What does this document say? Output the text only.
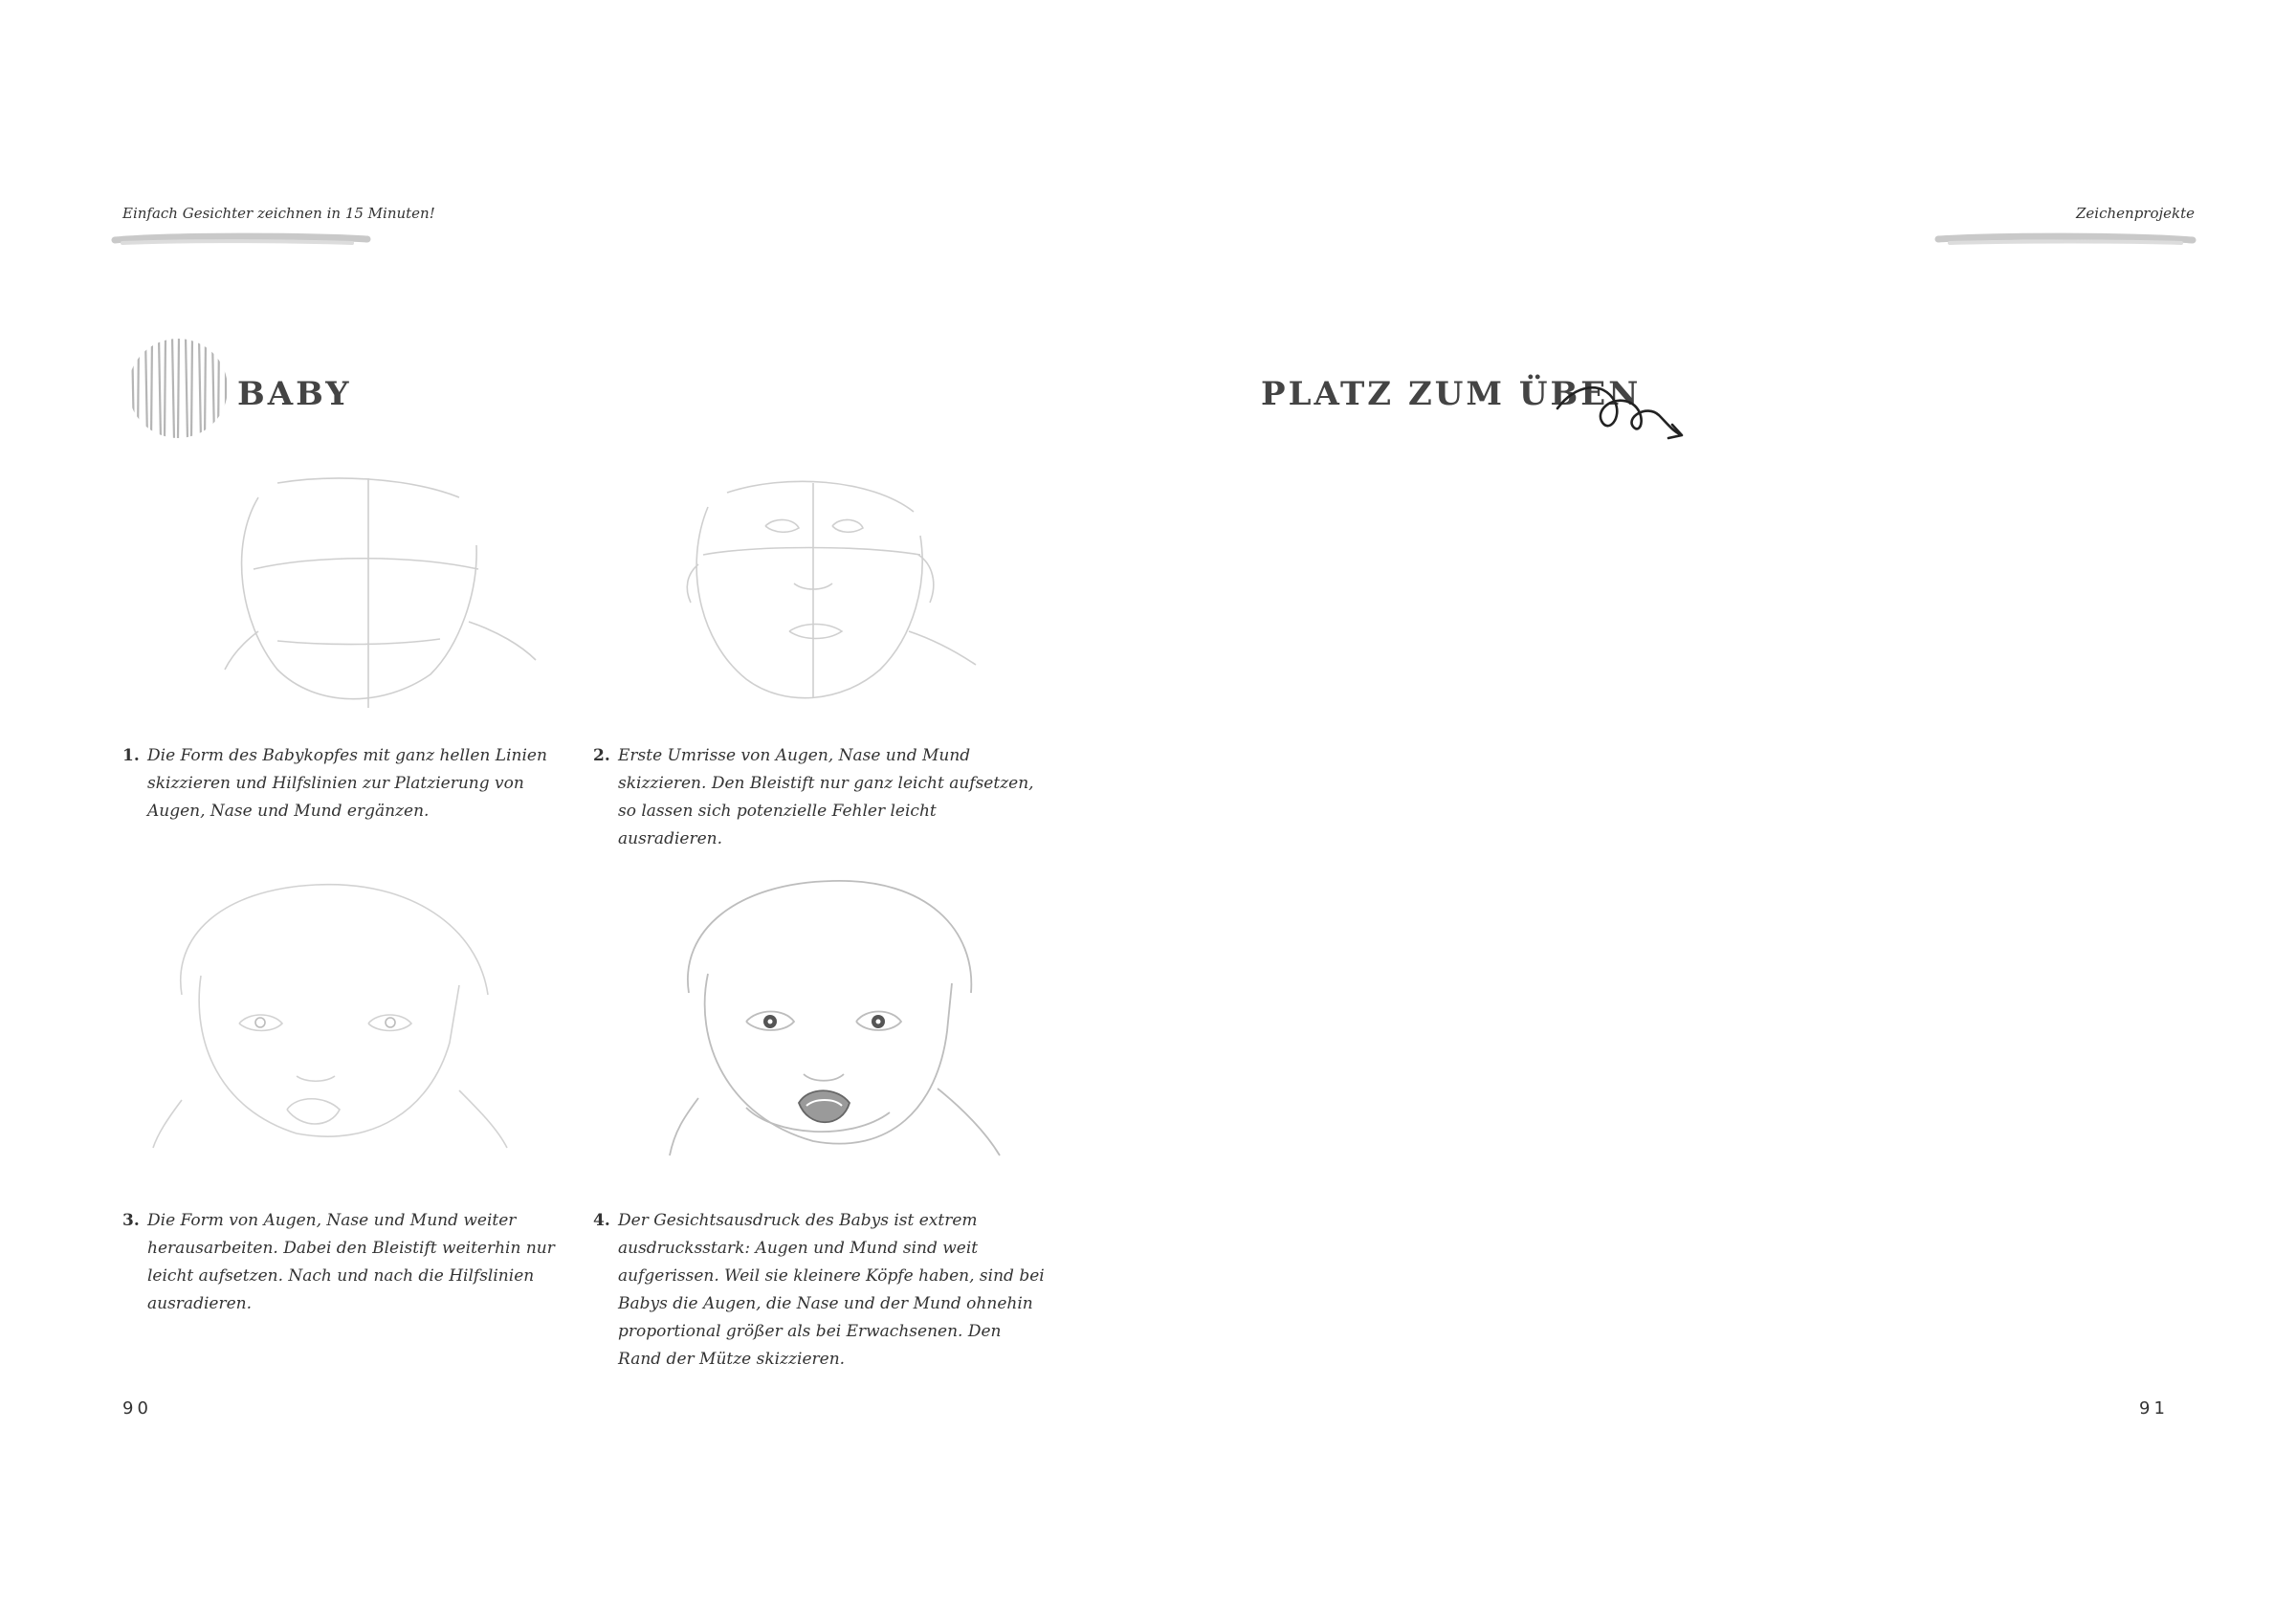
Einfach Gesichter zeichnen in 15 Minuten!	Zeichenprojekte
BABY
1. Die Form des Babykopfes mit ganz hellen Linien skizzieren und Hilfslinien zur Platzierung von Augen, Nase und Mund ergänzen.
2. Erste Umrisse von Augen, Nase und Mund skizzieren. Den Bleistift nur ganz leicht aufsetzen, so lassen sich potenzielle Fehler leicht ausradieren.
3. Die Form von Augen, Nase und Mund weiter herausarbeiten. Dabei den Bleistift weiterhin nur leicht aufsetzen. Nach und nach die Hilfslinien ausradieren.
4. Der Gesichtsausdruck des Babys ist extrem ausdrucksstark: Augen und Mund sind weit aufgerissen. Weil sie kleinere Köpfe haben, sind bei Babys die Augen, die Nase und der Mund ohnehin proportional größer als bei Erwachsenen. Den Rand der Mütze skizzieren.
90	91
PLATZ ZUM ÜBEN
